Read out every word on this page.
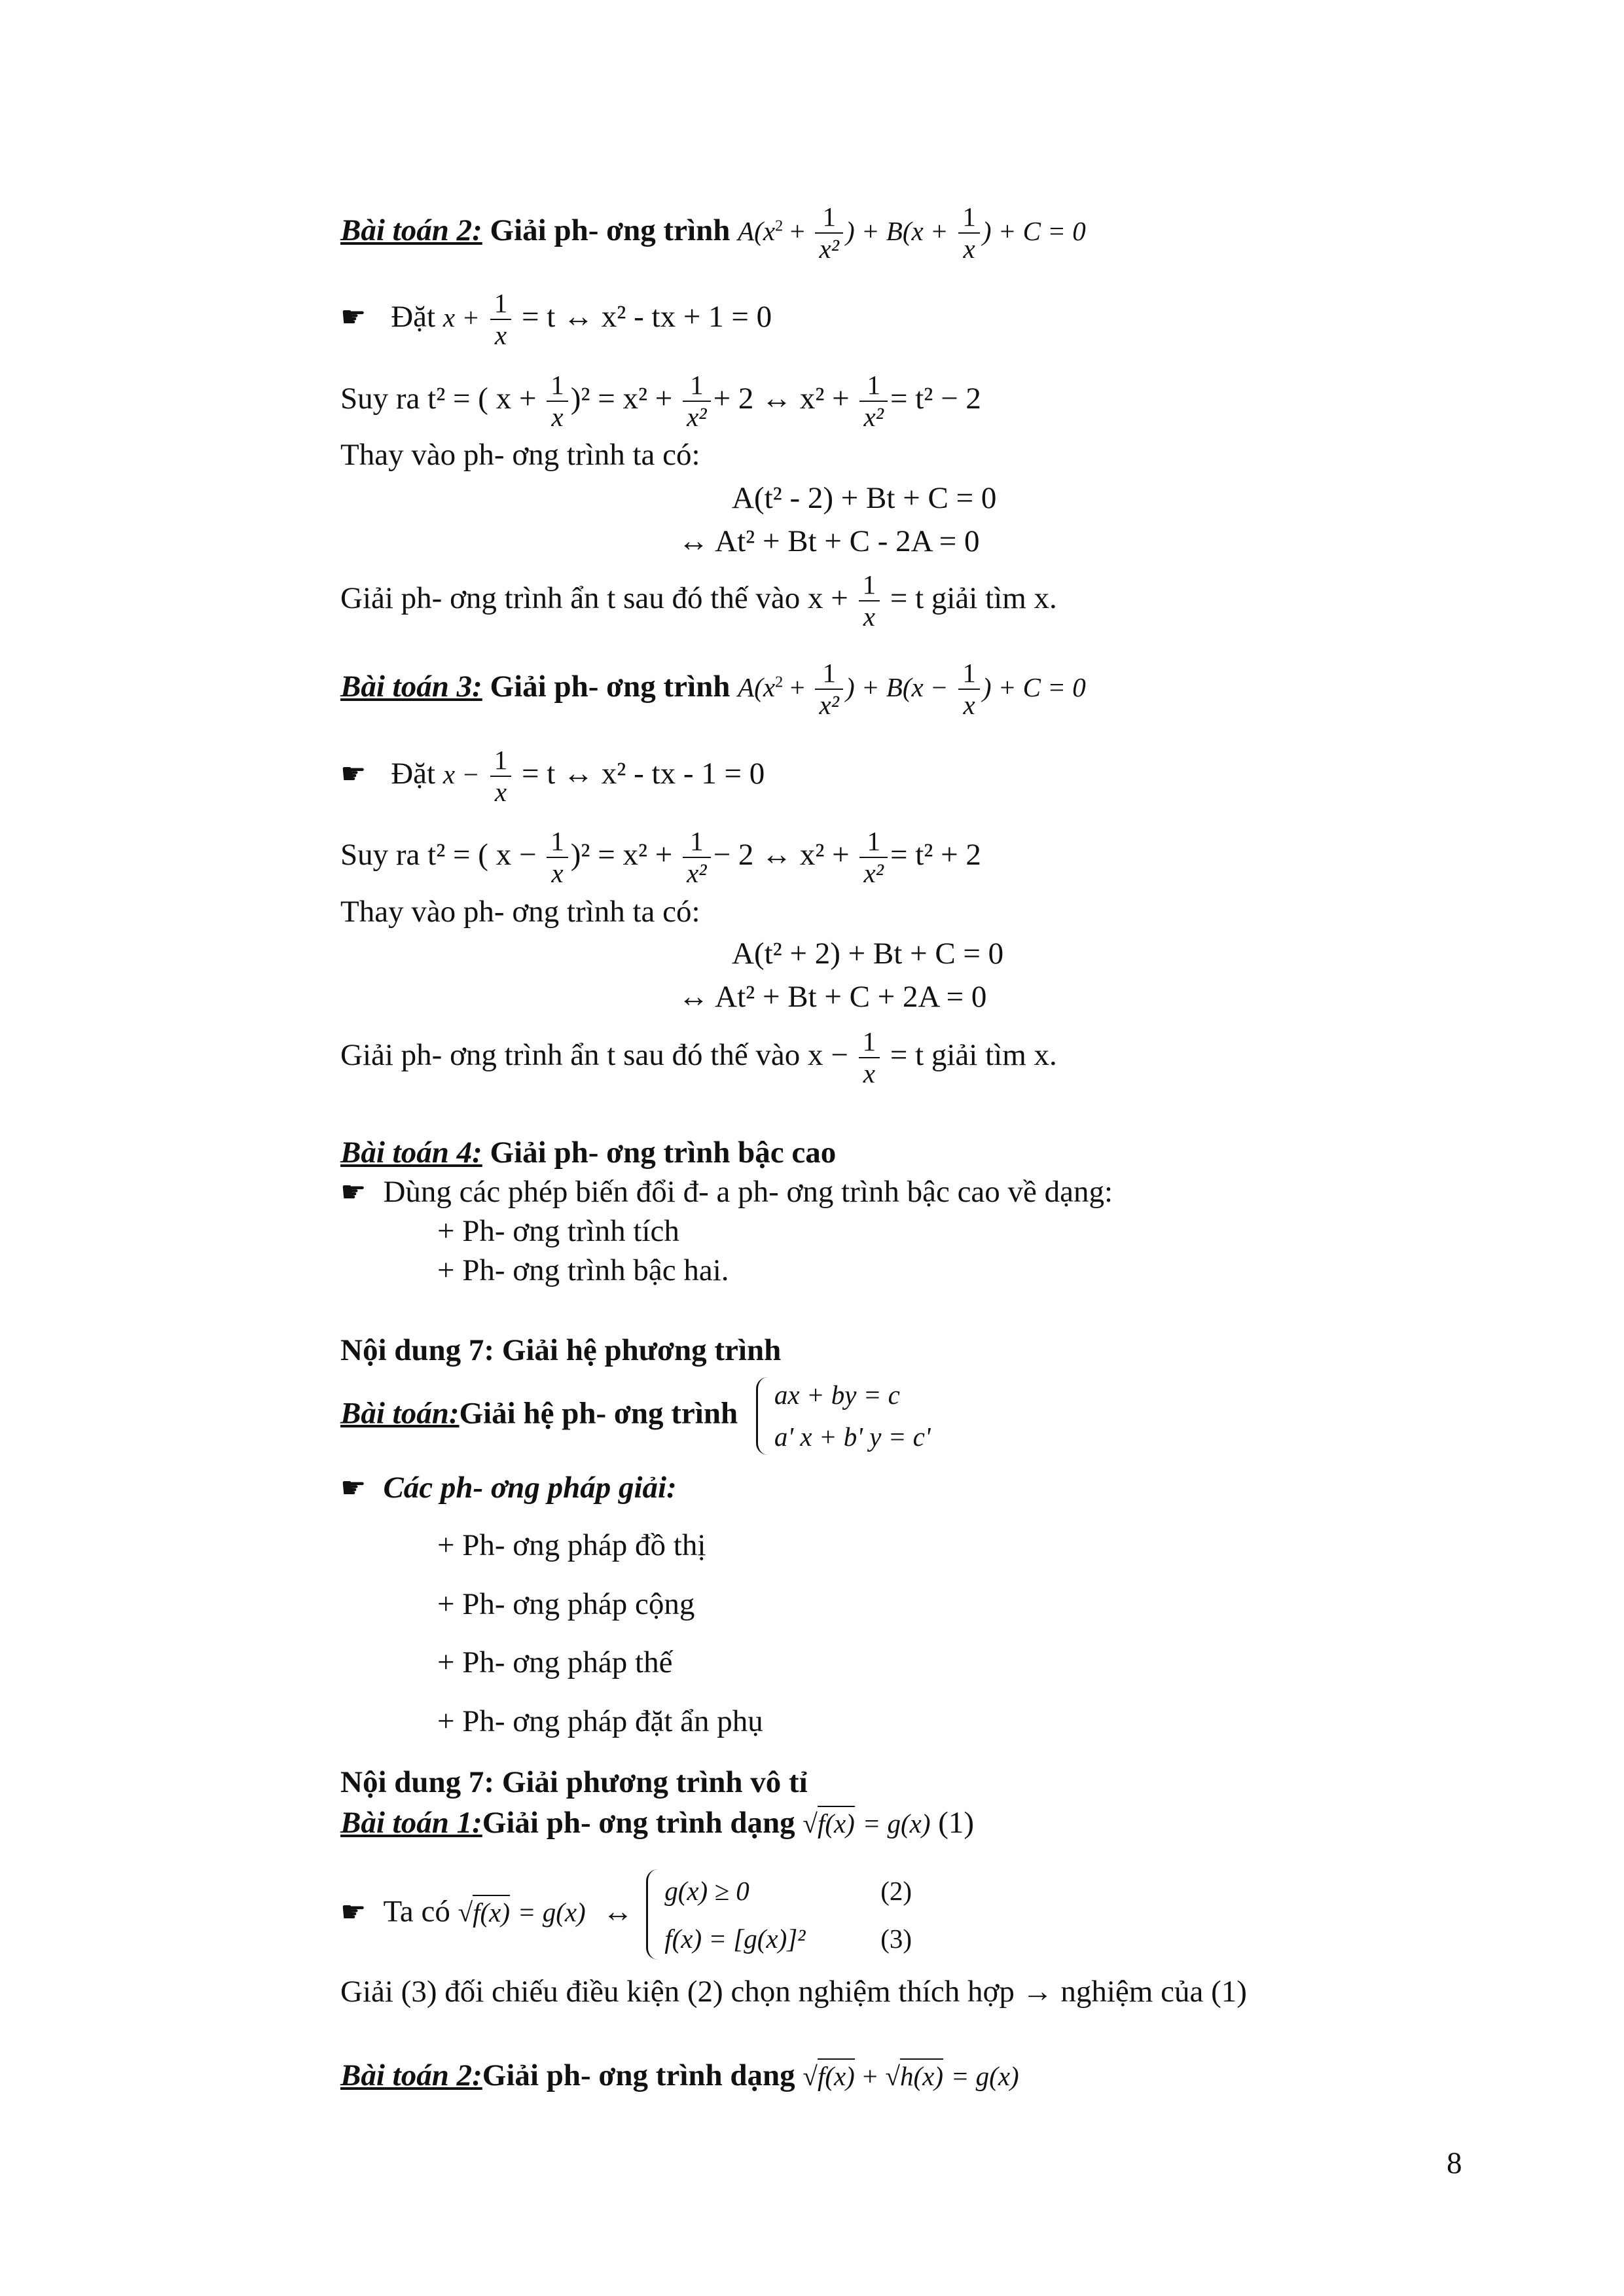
Bài toán 2: Giải ph- ơng trình $A(x^2 + \frac{1}{\text{x²}}$ ) + $B(x + \frac{1}{x}$ ) + C = 0
☛ Đặt $x + \frac{1}{x} = t$ ↔ x² - tx + 1 = 0
Suy ra t² = ( $x + \frac{1}{x} )^2 = x^2 + \frac{1}{\text{x²}} + 2$ ↔ $x^2 + \frac{1}{\text{x²}} = t^2 - 2$
Thay vào ph- ơng trình ta có:
A(t² - 2) + Bt + C = 0
↔ At² + Bt + C - 2A = 0
Giải ph- ơng trình ẩn t sau đó thế vào $x + \frac{1}{x} = t$ giải tìm x.
Bài toán 3: Giải ph- ơng trình $A(x^2 + \frac{1}{\text{x²}}$ ) + $B(x - \frac{1}{x}$ ) + C = 0
☛ Đặt $x - \frac{1}{x} = t$ ↔ x² - tx - 1 = 0
Suy ra t² = ( $x - \frac{1}{x} )^2 = x^2 + \frac{1}{\text{x²}} - 2$ ↔ $x^2 + \frac{1}{\text{x²}} = t^2 + 2$
Thay vào ph- ơng trình ta có:
A(t² + 2) + Bt + C = 0
↔ At² + Bt + C + 2A = 0
Giải ph- ơng trình ẩn t sau đó thế vào $x - \frac{1}{x} = t$ giải tìm x.
Bài toán 4: Giải ph- ơng trình bậc cao
☛ Dùng các phép biến đổi đ- a ph- ơng trình bậc cao về dạng:
+ Ph- ơng trình tích
+ Ph- ơng trình bậc hai.
Nội dung 7: Giải hệ phương trình
Bài toán:Giải hệ ph- ơng trình
ax + by = c
a' x + b' y = c'
☛ Các ph- ơng pháp giải:
+ Ph- ơng pháp đồ thị
+ Ph- ơng pháp cộng
+ Ph- ơng pháp thế
+ Ph- ơng pháp đặt ẩn phụ
Nội dung 7: Giải phương trình vô tỉ
Bài toán 1:Giải ph- ơng trình dạng √f(x) = g(x) (1)
☛ Ta có √f(x) = g(x) ↔
g(x) ≥ 0	(2)
f(x) = [g(x)]²	(3)
Giải (3) đối chiếu điều kiện (2) chọn nghiệm thích hợp → nghiệm của (1)
Bài toán 2:Giải ph- ơng trình dạng √f(x) + √h(x) = g(x)
8
